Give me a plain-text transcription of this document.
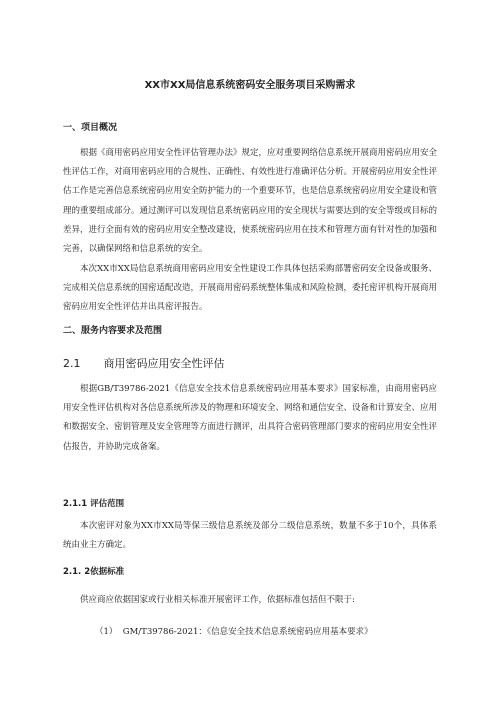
XX市XX局信息系统密码安全服务项目采购需求
一、项目概况
根据《商用密码应用安全性评估管理办法》规定，应对重要网络信息系统开展商用密码应用安全性评估工作，对商用密码应用的合规性、正确性、有效性进行准确评估分析。开展密码应用安全性评估工作是完善信息系统密码应用安全防护能力的一个重要环节，也是信息系统密码应用安全建设和管理的重要组成部分。通过测评可以发现信息系统密码应用的安全现状与需要达到的安全等级或目标的差异，进行全面有效的密码应用安全整改建设，使系统密码应用在技术和管理方面有针对性的加强和完善，以确保网络和信息系统的安全。
本次XX市XX局信息系统商用密码应用安全性建设工作具体包括采购部署密码安全设备或服务、完成相关信息系统的国密适配改造，开展商用密码系统整体集成和风险检测，委托密评机构开展商用密码应用安全性评估并出具密评报告。
二、服务内容要求及范围
2.1 商用密码应用安全性评估
根据GB/T39786-2021《信息安全技术信息系统密码应用基本要求》国家标准，由商用密码应用安全性评估机构对各信息系统所涉及的物理和环境安全、网络和通信安全、设备和计算安全、应用和数据安全、密钥管理及安全管理等方面进行测评，出具符合密码管理部门要求的密码应用安全性评估报告，并协助完成备案。
2.1.1 评估范围
本次密评对象为XX市XX局等保三级信息系统及部分二级信息系统，数量不多于10个，具体系统由业主方确定。
2.1. 2依据标准
供应商应依据国家或行业相关标准开展密评工作，依据标准包括但不限于:
（1）  GM/T39786-2021：《信息安全技术信息系统密码应用基本要求》
